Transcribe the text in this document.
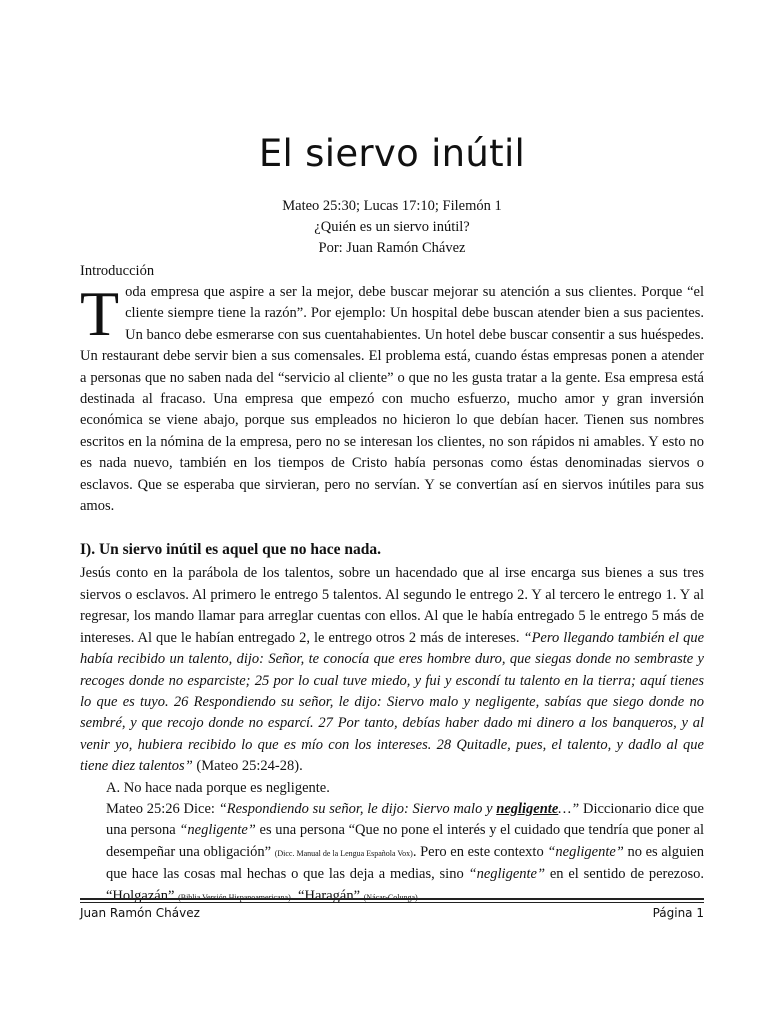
El siervo inútil
Mateo 25:30; Lucas 17:10; Filemón 1
¿Quién es un siervo inútil?
Por: Juan Ramón Chávez
Introducción

Toda empresa que aspire a ser la mejor, debe buscar mejorar su atención a sus clientes. Porque “el cliente siempre tiene la razón”. Por ejemplo: Un hospital debe buscan atender bien a sus pacientes. Un banco debe esmerarse con sus cuentahabientes. Un hotel debe buscar consentir a sus huéspedes. Un restaurant debe servir bien a sus comensales. El problema está, cuando éstas empresas ponen a atender a personas que no saben nada del “servicio al cliente” o que no les gusta tratar a la gente. Esa empresa está destinada al fracaso. Una empresa que empezó con mucho esfuerzo, mucho amor y gran inversión económica se viene abajo, porque sus empleados no hicieron lo que debían hacer. Tienen sus nombres escritos en la nómina de la empresa, pero no se interesan los clientes, no son rápidos ni amables. Y esto no es nada nuevo, también en los tiempos de Cristo había personas como éstas denominadas siervos o esclavos. Que se esperaba que sirvieran, pero no servían. Y se convertían así en siervos inútiles para sus amos.

I). Un siervo inútil es aquel que no hace nada.

Jesús conto en la parábola de los talentos, sobre un hacendado que al irse encarga sus bienes a sus tres siervos o esclavos. Al primero le entrego 5 talentos. Al segundo le entrego 2. Y al tercero le entrego 1. Y al regresar, los mando llamar para arreglar cuentas con ellos. Al que le había entregado 5 le entrego 5 más de intereses. Al que le habían entregado 2, le entrego otros 2 más de intereses. “Pero llegando también el que había recibido un talento, dijo: Señor, te conocía que eres hombre duro, que siegas donde no sembraste y recoges donde no esparciste; 25 por lo cual tuve miedo, y fui y escondí tu talento en la tierra; aquí tienes lo que es tuyo. 26 Respondiendo su señor, le dijo: Siervo malo y negligente, sabías que siego donde no sembré, y que recojo donde no esparcí. 27 Por tanto, debías haber dado mi dinero a los banqueros, y al venir yo, hubiera recibido lo que es mío con los intereses. 28 Quitadle, pues, el talento, y dadlo al que tiene diez talentos” (Mateo 25:24-28).

A. No hace nada porque es negligente.

Mateo 25:26 Dice: “Respondiendo su señor, le dijo: Siervo malo y negligente…” Diccionario dice que una persona “negligente” es una persona “Que no pone el interés y el cuidado que tendría que poner al desempeñar una obligación” (Dicc. Manual de la Lengua Española Vox). Pero en este contexto “negligente” no es alguien que hace las cosas mal hechas o que las deja a medias, sino “negligente” en el sentido de perezoso. “Holgazán” (Biblia Versión Hispanoamericana). “Haragán” (Nácar-Colunga).

Juan Ramón Chávez	Página 1
